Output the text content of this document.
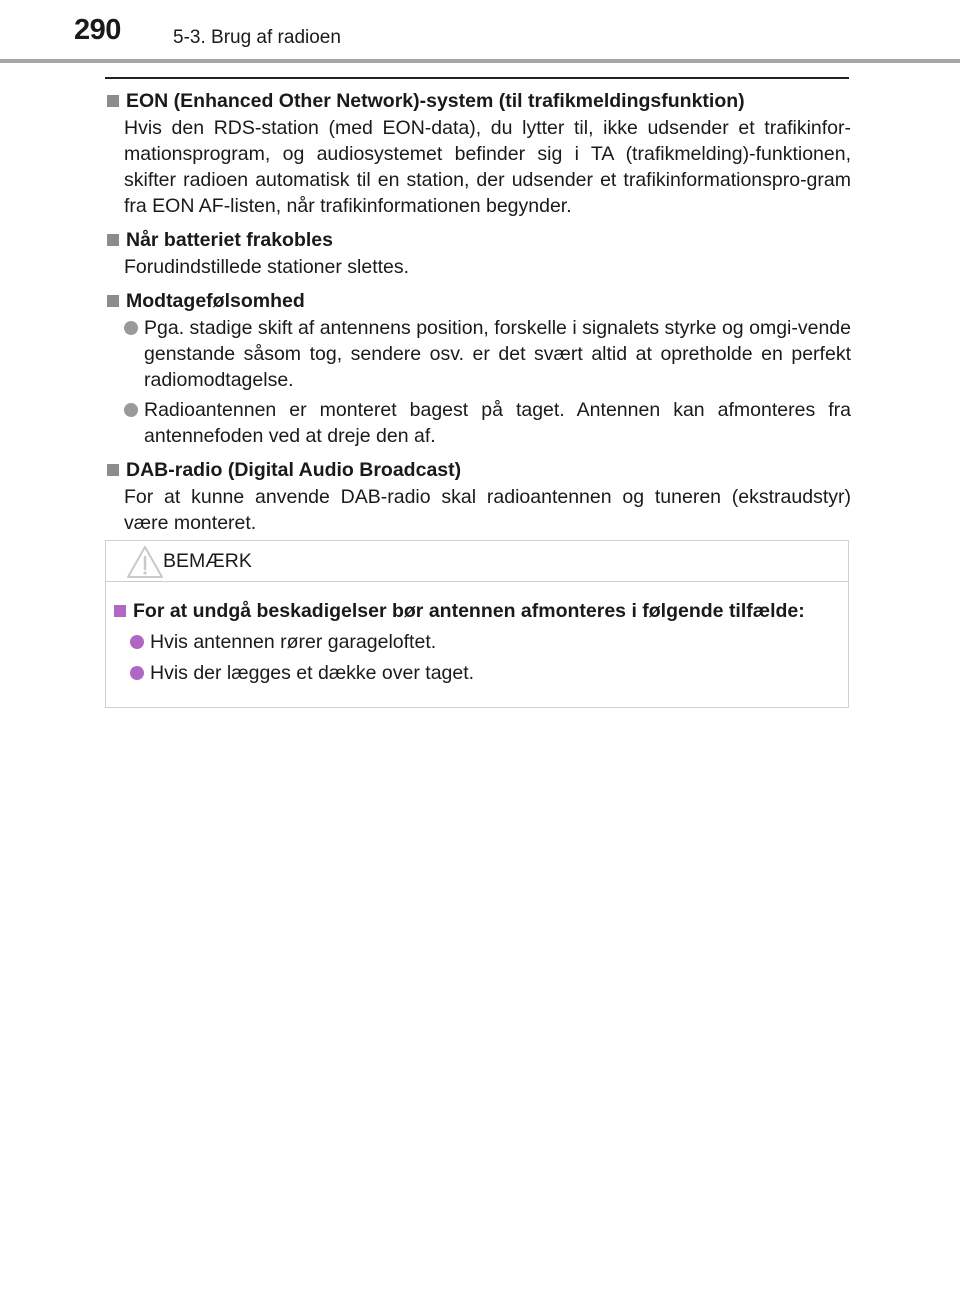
290	5-3. Brug af radioen
EON (Enhanced Other Network)-system (til trafikmeldingsfunktion)
Hvis den RDS-station (med EON-data), du lytter til, ikke udsender et trafikinfor-mationsprogram, og audiosystemet befinder sig i TA (trafikmelding)-funktionen, skifter radioen automatisk til en station, der udsender et trafikinformationspro-gram fra EON AF-listen, når trafikinformationen begynder.
Når batteriet frakobles
Forudindstillede stationer slettes.
Modtagefølsomhed
Pga. stadige skift af antennens position, forskelle i signalets styrke og omgi-vende genstande såsom tog, sendere osv. er det svært altid at opretholde en perfekt radiomodtagelse.
Radioantennen er monteret bagest på taget. Antennen kan afmonteres fra antennefoden ved at dreje den af.
DAB-radio (Digital Audio Broadcast)
For at kunne anvende DAB-radio skal radioantennen og tuneren (ekstraudstyr) være monteret.
BEMÆRK
For at undgå beskadigelser bør antennen afmonteres i følgende tilfælde:
Hvis antennen rører garageloftet.
Hvis der lægges et dække over taget.
